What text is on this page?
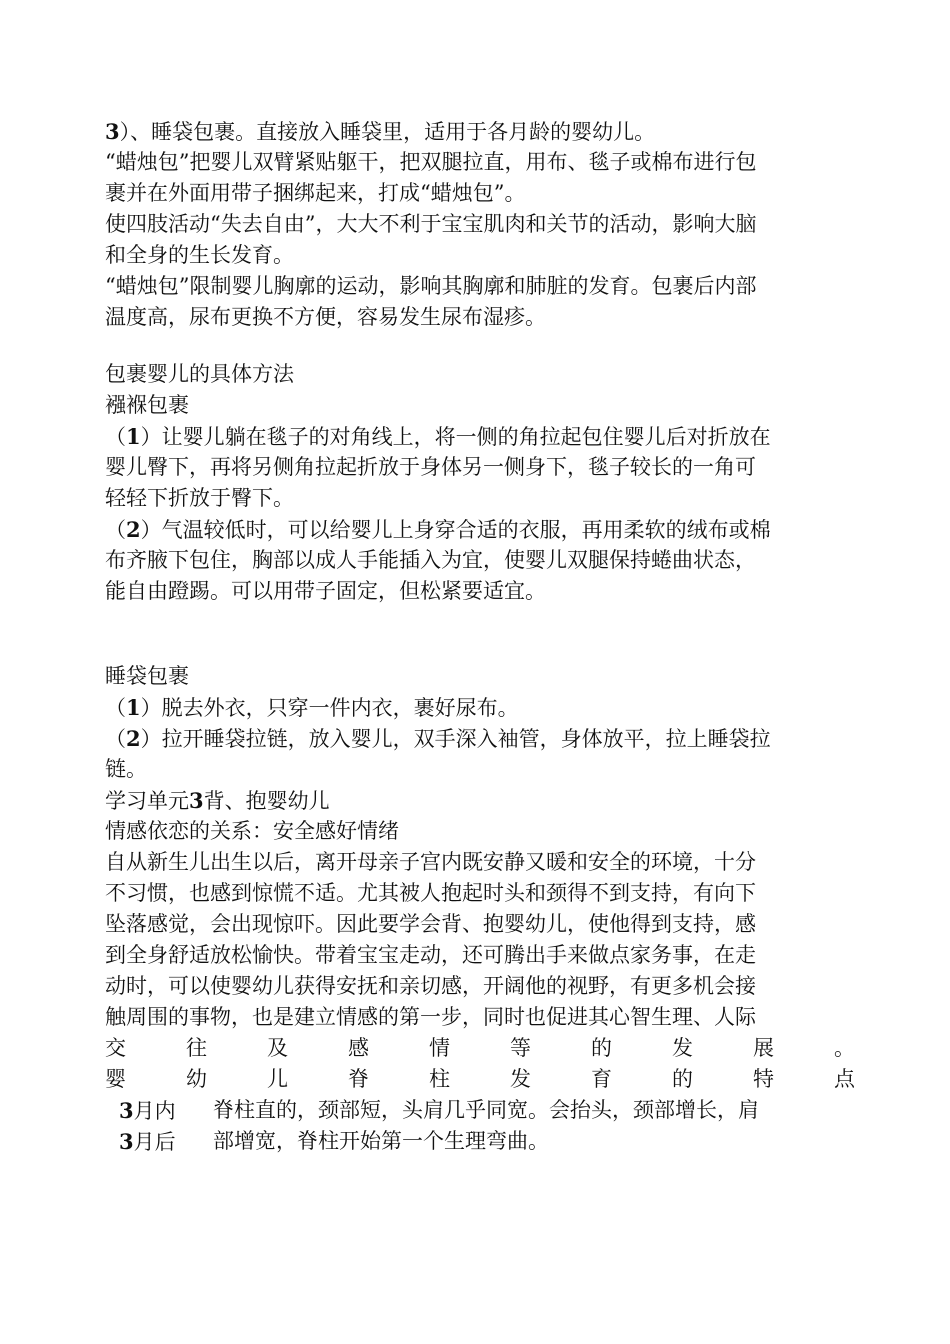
3）、睡袋包裹。直接放入睡袋里，适用于各月龄的婴幼儿。
“蜡烛包”把婴儿双臂紧贴躯干，把双腿拉直，用布、毯子或棉布进行包
裹并在外面用带子捆绑起来，打成“蜡烛包”。
使四肢活动“失去自由”，大大不利于宝宝肌肉和关节的活动，影响大脑
和全身的生长发育。
“蜡烛包”限制婴儿胸廓的运动，影响其胸廓和肺脏的发育。包裹后内部
温度高，尿布更换不方便，容易发生尿布湿疹。
包裹婴儿的具体方法
襁褓包裹
（1）让婴儿躺在毯子的对角线上，将一侧的角拉起包住婴儿后对折放在
婴儿臀下，再将另侧角拉起折放于身体另一侧身下，毯子较长的一角可
轻轻下折放于臀下。
（2）气温较低时，可以给婴儿上身穿合适的衣服，再用柔软的绒布或棉
布齐腋下包住，胸部以成人手能插入为宜，使婴儿双腿保持蜷曲状态，
能自由蹬踢。可以用带子固定，但松紧要适宜。
睡袋包裹
（1）脱去外衣，只穿一件内衣，裹好尿布。
（2）拉开睡袋拉链，放入婴儿，双手深入袖管，身体放平，拉上睡袋拉
链。
学习单元3背、抱婴幼儿
情感依恋的关系：安全感好情绪
自从新生儿出生以后，离开母亲子宫内既安静又暖和安全的环境，十分
不习惯，也感到惊慌不适。尤其被人抱起时头和颈得不到支持，有向下
坠落感觉，会出现惊吓。因此要学会背、抱婴幼儿，使他得到支持，感
到全身舒适放松愉快。带着宝宝走动，还可腾出手来做点家务事，在走
动时，可以使婴幼儿获得安抚和亲切感，开阔他的视野，有更多机会接
触周围的事物，也是建立情感的第一步，同时也促进其心智生理、人际
交	往	及	感	情	等	的	发	展	。
婴	幼	儿	脊	柱	发	育	的	特	点
3月内	脊柱直的，颈部短，头肩几乎同宽。会抬头，颈部增长，肩
3月后	部增宽，脊柱开始第一个生理弯曲。
